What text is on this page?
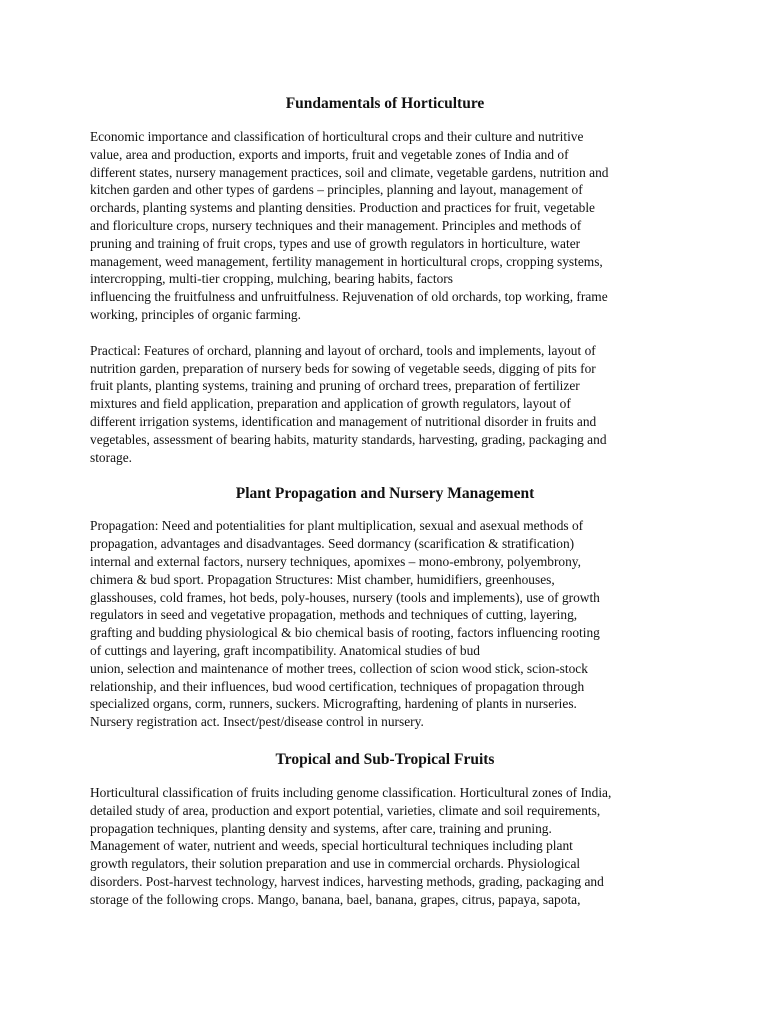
Fundamentals of Horticulture

Economic importance and classification of horticultural crops and their culture and nutritive
value, area and production, exports and imports, fruit and vegetable zones of India and of
different states, nursery management practices, soil and climate, vegetable gardens, nutrition and
kitchen garden and other types of gardens – principles, planning and layout, management of
orchards, planting systems and planting densities. Production and practices for fruit, vegetable
and floriculture crops, nursery techniques and their management. Principles and methods of
pruning and training of fruit crops, types and use of growth regulators in horticulture, water
management, weed management, fertility management in horticultural crops, cropping systems,
intercropping, multi-tier cropping, mulching, bearing habits, factors
influencing the fruitfulness and unfruitfulness. Rejuvenation of old orchards, top working, frame
working, principles of organic farming.

Practical: Features of orchard, planning and layout of orchard, tools and implements, layout of
nutrition garden, preparation of nursery beds for sowing of vegetable seeds, digging of pits for
fruit plants, planting systems, training and pruning of orchard trees, preparation of fertilizer
mixtures and field application, preparation and application of growth regulators, layout of
different irrigation systems, identification and management of nutritional disorder in fruits and
vegetables, assessment of bearing habits, maturity standards, harvesting, grading, packaging and
storage.

Plant Propagation and Nursery Management

Propagation: Need and potentialities for plant multiplication, sexual and asexual methods of
propagation, advantages and disadvantages. Seed dormancy (scarification & stratification)
internal and external factors, nursery techniques, apomixes – mono-embrony, polyembrony,
chimera & bud sport. Propagation Structures: Mist chamber, humidifiers, greenhouses,
glasshouses, cold frames, hot beds, poly-houses, nursery (tools and implements), use of growth
regulators in seed and vegetative propagation, methods and techniques of cutting, layering,
grafting and budding physiological & bio chemical basis of rooting, factors influencing rooting
of cuttings and layering, graft incompatibility. Anatomical studies of bud
union, selection and maintenance of mother trees, collection of scion wood stick, scion-stock
relationship, and their influences, bud wood certification, techniques of propagation through
specialized organs, corm, runners, suckers. Micrografting, hardening of plants in nurseries.
Nursery registration act. Insect/pest/disease control in nursery.

Tropical and Sub-Tropical Fruits

Horticultural classification of fruits including genome classification. Horticultural zones of India,
detailed study of area, production and export potential, varieties, climate and soil requirements,
propagation techniques, planting density and systems, after care, training and pruning.
Management of water, nutrient and weeds, special horticultural techniques including plant
growth regulators, their solution preparation and use in commercial orchards. Physiological
disorders. Post-harvest technology, harvest indices, harvesting methods, grading, packaging and
storage of the following crops. Mango, banana, bael, banana, grapes, citrus, papaya, sapota,
